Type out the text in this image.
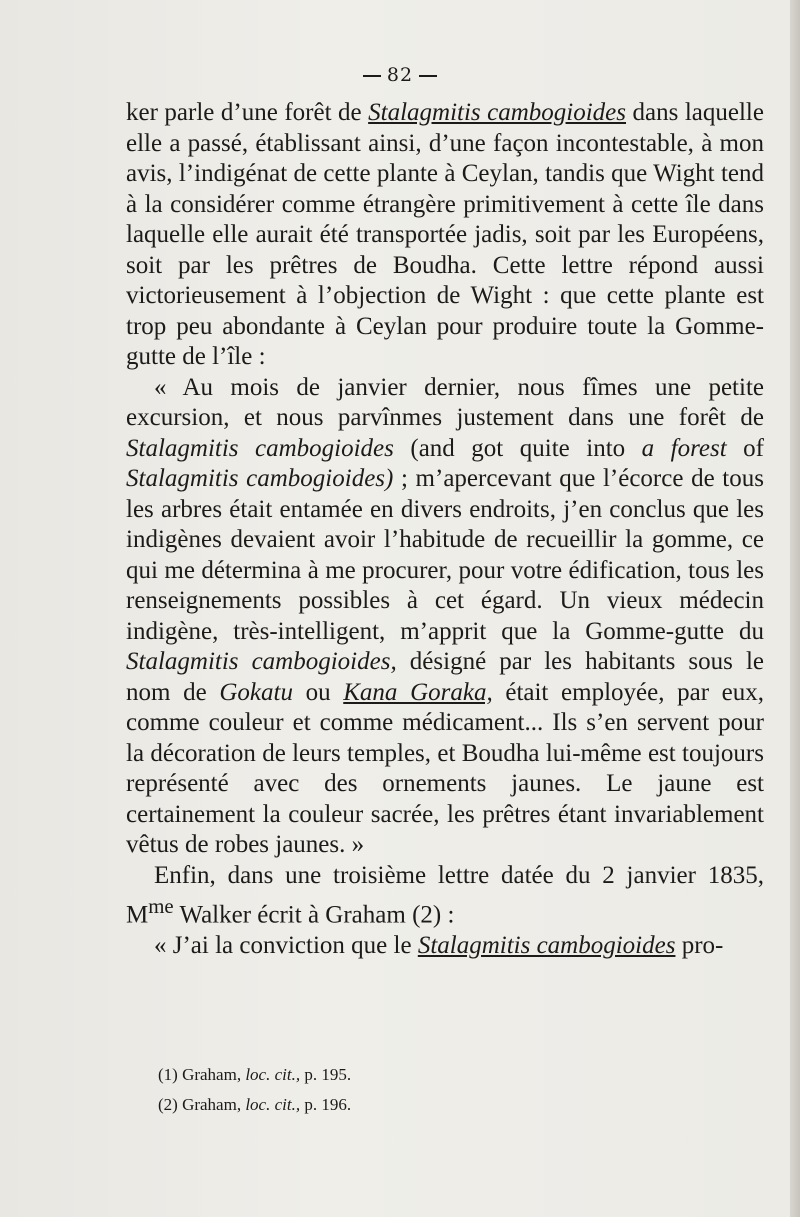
82

ker parle d’une forêt de Stalagmitis cambogioides dans laquelle elle a passé, établissant ainsi, d’une façon incontestable, à mon avis, l’indigénat de cette plante à Ceylan, tandis que Wight tend à la considérer comme étrangère primitivement à cette île dans laquelle elle aurait été transportée jadis, soit par les Européens, soit par les prêtres de Boudha. Cette lettre répond aussi victorieusement à l’objection de Wight : que cette plante est trop peu abondante à Ceylan pour produire toute la Gomme-gutte de l’île :

« Au mois de janvier dernier, nous fîmes une petite excursion, et nous parvînmes justement dans une forêt de Stalagmitis cambogioides (and got quite into a forest of Stalagmitis cambogioides) ; m’apercevant que l’écorce de tous les arbres était entamée en divers endroits, j’en conclus que les indigènes devaient avoir l’habitude de recueillir la gomme, ce qui me détermina à me procurer, pour votre édification, tous les renseignements possibles à cet égard. Un vieux médecin indigène, très-intelligent, m’apprit que la Gomme-gutte du Stalagmitis cambogioides, désigné par les habitants sous le nom de Gokatu ou Kana Goraka, était employée, par eux, comme couleur et comme médicament... Ils s’en servent pour la décoration de leurs temples, et Boudha lui-même est toujours représenté avec des ornements jaunes. Le jaune est certainement la couleur sacrée, les prêtres étant invariablement vêtus de robes jaunes. »

Enfin, dans une troisième lettre datée du 2 janvier 1835, $M^{me}$ Walker écrit à Graham (2) :

« J’ai la conviction que le Stalagmitis cambogioides pro-

(1) Graham, loc. cit., p. 195.

(2) Graham, loc. cit., p. 196.
